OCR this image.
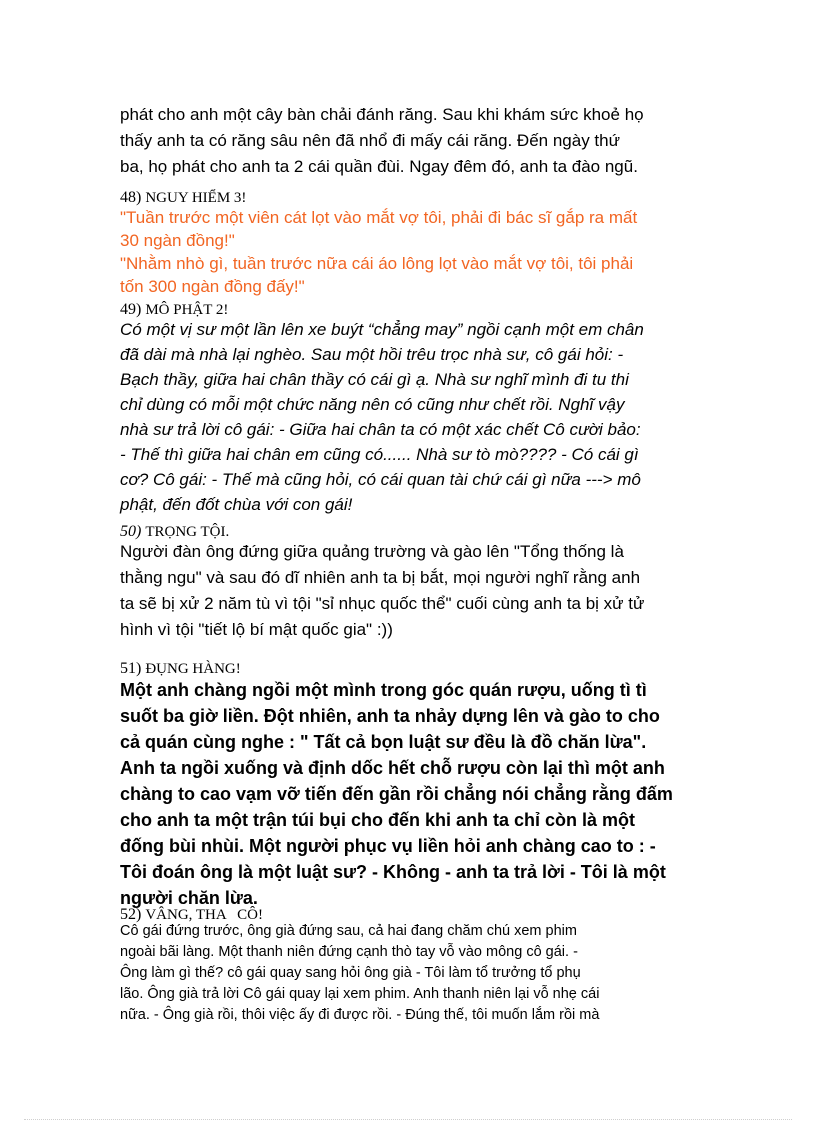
phát cho anh một cây bàn chải đánh răng. Sau khi khám sức khoẻ họ
thấy anh ta có răng sâu nên đã nhổ đi mấy cái răng. Đến ngày thứ
ba, họ phát cho anh ta 2 cái quần đùi. Ngay đêm đó, anh ta đào ngũ.
48) NGUY HIỂM 3!
"Tuần trước một viên cát lọt vào mắt vợ tôi, phải đi bác sĩ gắp ra mất
30 ngàn đồng!"
"Nhằm nhò gì, tuần trước nữa cái áo lông lọt vào mắt vợ tôi, tôi phải
tốn 300 ngàn đồng đấy!"
49) MÔ PHẬT 2!
Có một vị sư một lần lên xe buýt “chẳng may” ngồi cạnh một em chân
đã dài mà nhà lại nghèo. Sau một hồi trêu trọc nhà sư, cô gái hỏi: -
Bạch thầy, giữa hai chân thầy có cái gì ạ. Nhà sư nghĩ mình đi tu thi
chỉ dùng có mỗi một chức năng nên có cũng như chết rồi. Nghĩ vậy
nhà sư trả lời cô gái: - Giữa hai chân ta có một xác chết Cô cười bảo:
- Thế thì giữa hai chân em cũng có...... Nhà sư tò mò???? - Có cái gì
cơ? Cô gái: - Thế mà cũng hỏi, có cái quan tài chứ cái gì nữa ---> mô
phật, đến đốt chùa với con gái!
50) TRỌNG TỘI.
Người đàn ông đứng giữa quảng trường và gào lên "Tổng thống là
thằng ngu" và sau đó dĩ nhiên anh ta bị bắt, mọi người nghĩ rằng anh
ta sẽ bị xử 2 năm tù vì tội "sỉ nhục quốc thể" cuối cùng anh ta bị xử tử
hình vì tội "tiết lộ bí mật quốc gia" :))
51) ĐỤNG HÀNG!
Một anh chàng ngồi một mình trong góc quán rượu, uống tì tì
suốt ba giờ liền. Đột nhiên, anh ta nhảy dựng lên và gào to cho
cả quán cùng nghe : " Tất cả bọn luật sư đều là đồ chăn lừa".
Anh ta ngồi xuống và định dốc hết chỗ rượu còn lại thì một anh
chàng to cao vạm vỡ tiến đến gần rồi chẳng nói chẳng rằng đấm
cho anh ta một trận túi bụi cho đến khi anh ta chỉ còn là một
đống bùi nhùi. Một người phục vụ liền hỏi anh chàng cao to : -
Tôi đoán ông là một luật sư? - Không - anh ta trả lời - Tôi là một
người chăn lừa.
52) VÂNG, THA   CÔ!
Cô gái đứng trước, ông già đứng sau, cả hai đang chăm chú xem phim
ngoài bãi làng. Một thanh niên đứng cạnh thò tay vỗ vào mông cô gái. -
Ông làm gì thế? cô gái quay sang hỏi ông già - Tôi làm tổ trưởng tổ phụ
lão. Ông già trả lời Cô gái quay lại xem phim. Anh thanh niên lại vỗ nhẹ cái
nữa. - Ông già rồi, thôi việc ấy đi được rồi. - Đúng thế, tôi muốn lắm rồi mà
